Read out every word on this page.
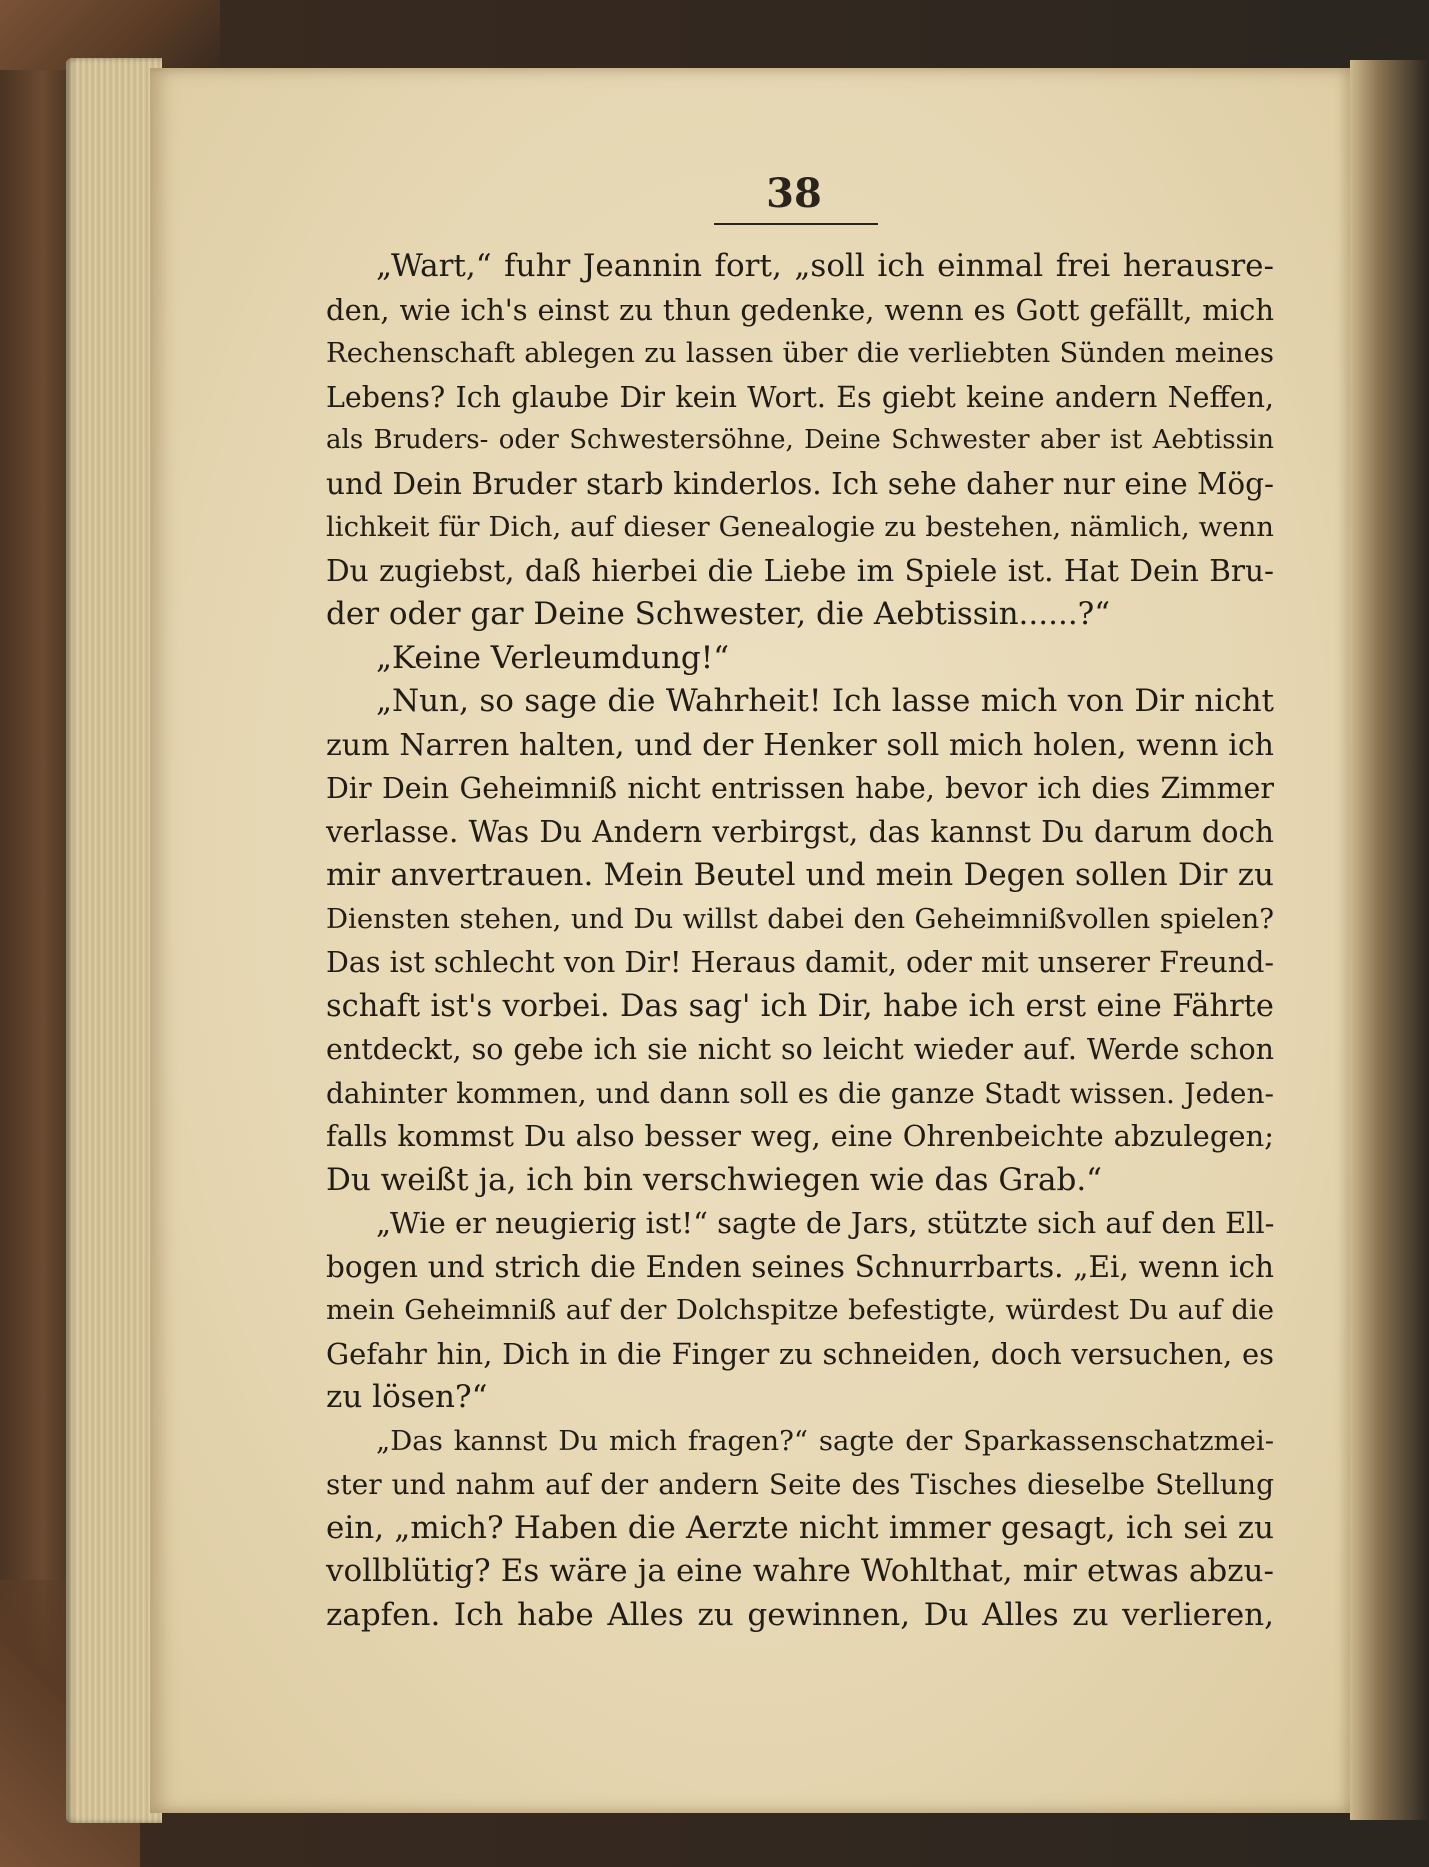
38
„Wart,“ fuhr Jeannin fort, „soll ich einmal frei herausre-
den, wie ich's einst zu thun gedenke, wenn es Gott gefällt, mich
Rechenschaft ablegen zu lassen über die verliebten Sünden meines
Lebens? Ich glaube Dir kein Wort. Es giebt keine andern Neffen,
als Bruders- oder Schwestersöhne, Deine Schwester aber ist Aebtissin
und Dein Bruder starb kinderlos. Ich sehe daher nur eine Mög-
lichkeit für Dich, auf dieser Genealogie zu bestehen, nämlich, wenn
Du zugiebst, daß hierbei die Liebe im Spiele ist. Hat Dein Bru-
der oder gar Deine Schwester, die Aebtissin......?“
„Keine Verleumdung!“
„Nun, so sage die Wahrheit! Ich lasse mich von Dir nicht
zum Narren halten, und der Henker soll mich holen, wenn ich
Dir Dein Geheimniß nicht entrissen habe, bevor ich dies Zimmer
verlasse. Was Du Andern verbirgst, das kannst Du darum doch
mir anvertrauen. Mein Beutel und mein Degen sollen Dir zu
Diensten stehen, und Du willst dabei den Geheimnißvollen spielen?
Das ist schlecht von Dir! Heraus damit, oder mit unserer Freund-
schaft ist's vorbei. Das sag' ich Dir, habe ich erst eine Fährte
entdeckt, so gebe ich sie nicht so leicht wieder auf. Werde schon
dahinter kommen, und dann soll es die ganze Stadt wissen. Jeden-
falls kommst Du also besser weg, eine Ohrenbeichte abzulegen;
Du weißt ja, ich bin verschwiegen wie das Grab.“
„Wie er neugierig ist!“ sagte de Jars, stützte sich auf den Ell-
bogen und strich die Enden seines Schnurrbarts. „Ei, wenn ich
mein Geheimniß auf der Dolchspitze befestigte, würdest Du auf die
Gefahr hin, Dich in die Finger zu schneiden, doch versuchen, es
zu lösen?“
„Das kannst Du mich fragen?“ sagte der Sparkassenschatzmei-
ster und nahm auf der andern Seite des Tisches dieselbe Stellung
ein, „mich? Haben die Aerzte nicht immer gesagt, ich sei zu
vollblütig? Es wäre ja eine wahre Wohlthat, mir etwas abzu-
zapfen. Ich habe Alles zu gewinnen, Du Alles zu verlieren,
